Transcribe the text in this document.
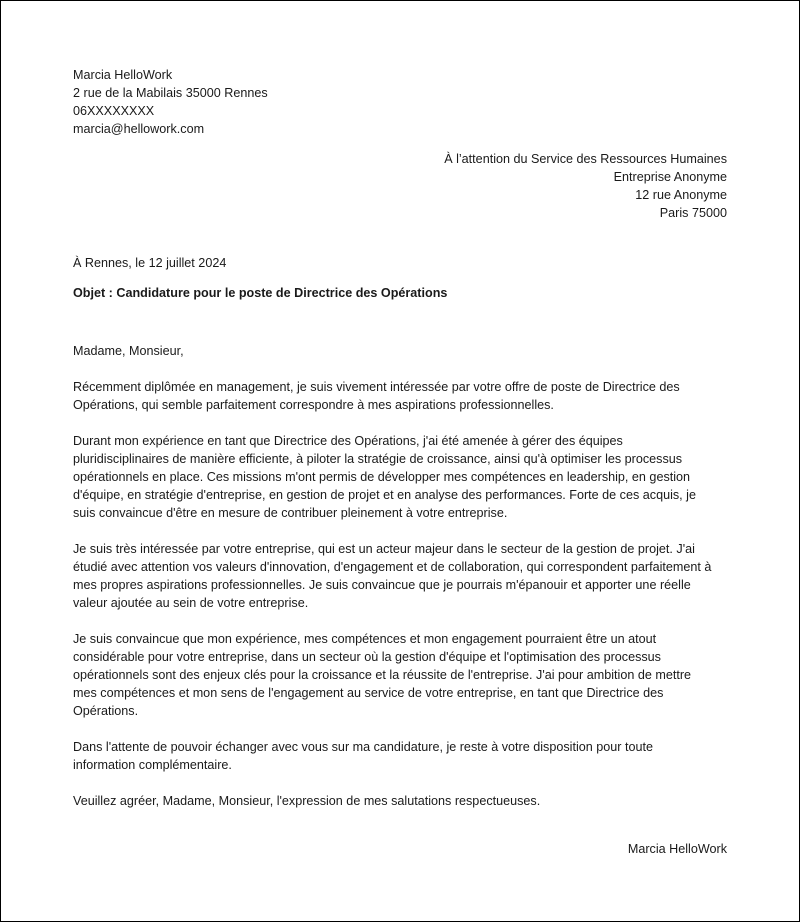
Marcia HelloWork
2 rue de la Mabilais 35000 Rennes
06XXXXXXXX
marcia@hellowork.com
À l’attention du Service des Ressources Humaines
Entreprise Anonyme
12 rue Anonyme
Paris 75000
À Rennes, le 12 juillet 2024
Objet : Candidature pour le poste de Directrice des Opérations
Madame, Monsieur,
Récemment diplômée en management, je suis vivement intéressée par votre offre de poste de Directrice des
Opérations, qui semble parfaitement correspondre à mes aspirations professionnelles.
Durant mon expérience en tant que Directrice des Opérations, j'ai été amenée à gérer des équipes
pluridisciplinaires de manière efficiente, à piloter la stratégie de croissance, ainsi qu'à optimiser les processus
opérationnels en place. Ces missions m'ont permis de développer mes compétences en leadership, en gestion
d'équipe, en stratégie d'entreprise, en gestion de projet et en analyse des performances. Forte de ces acquis, je
suis convaincue d'être en mesure de contribuer pleinement à votre entreprise.
Je suis très intéressée par votre entreprise, qui est un acteur majeur dans le secteur de la gestion de projet. J'ai
étudié avec attention vos valeurs d'innovation, d'engagement et de collaboration, qui correspondent parfaitement à
mes propres aspirations professionnelles. Je suis convaincue que je pourrais m'épanouir et apporter une réelle
valeur ajoutée au sein de votre entreprise.
Je suis convaincue que mon expérience, mes compétences et mon engagement pourraient être un atout
considérable pour votre entreprise, dans un secteur où la gestion d'équipe et l'optimisation des processus
opérationnels sont des enjeux clés pour la croissance et la réussite de l'entreprise. J'ai pour ambition de mettre
mes compétences et mon sens de l'engagement au service de votre entreprise, en tant que Directrice des
Opérations.
Dans l'attente de pouvoir échanger avec vous sur ma candidature, je reste à votre disposition pour toute
information complémentaire.
Veuillez agréer, Madame, Monsieur, l'expression de mes salutations respectueuses.
Marcia HelloWork
